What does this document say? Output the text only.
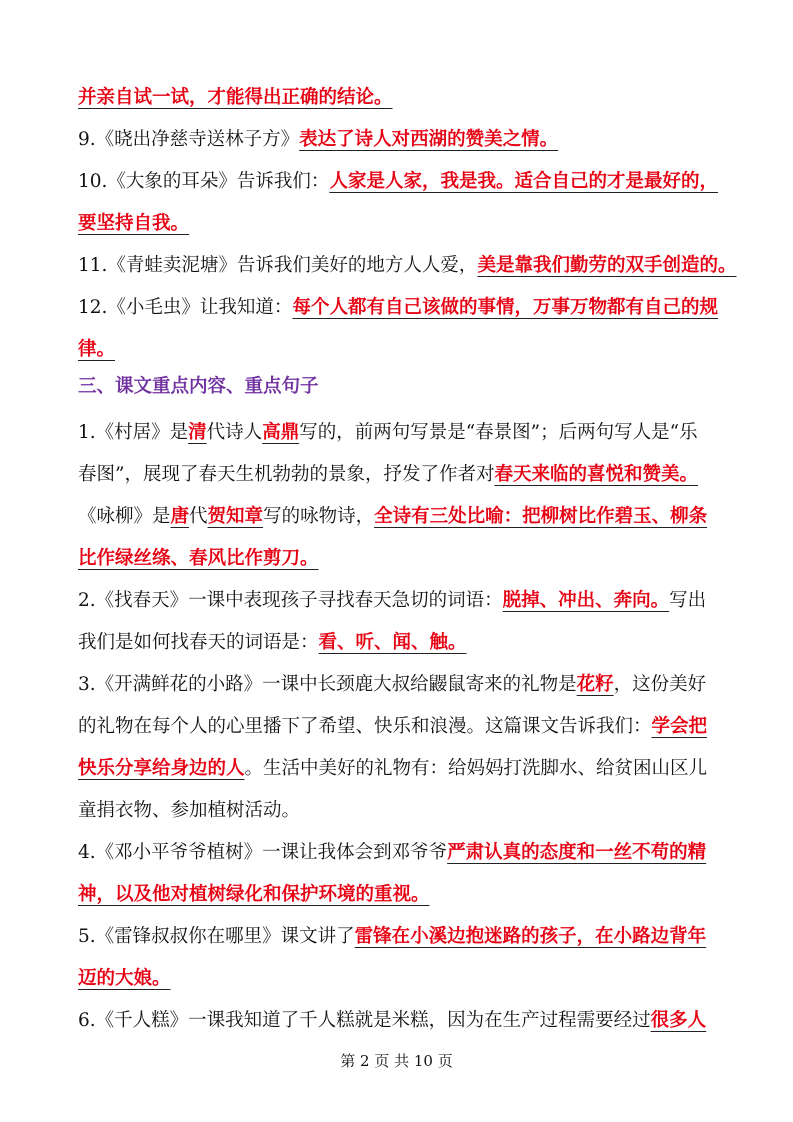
并亲自试一试，才能得出正确的结论。
9.《晓出净慈寺送林子方》表达了诗人对西湖的赞美之情。
10.《大象的耳朵》告诉我们：人家是人家，我是我。适合自己的才是最好的，
要坚持自我。
11.《青蛙卖泥塘》告诉我们美好的地方人人爱，美是靠我们勤劳的双手创造的。
12.《小毛虫》让我知道：每个人都有自己该做的事情，万事万物都有自己的规
律。
三、课文重点内容、重点句子
1.《村居》是清代诗人高鼎写的，前两句写景是“春景图”；后两句写人是“乐
春图”，展现了春天生机勃勃的景象，抒发了作者对春天来临的喜悦和赞美。
《咏柳》是唐代贺知章写的咏物诗，全诗有三处比喻：把柳树比作碧玉、柳条
比作绿丝绦、春风比作剪刀。
2.《找春天》一课中表现孩子寻找春天急切的词语：脱掉、冲出、奔向。写出
我们是如何找春天的词语是：看、听、闻、触。
3.《开满鲜花的小路》一课中长颈鹿大叔给鼹鼠寄来的礼物是花籽，这份美好
的礼物在每个人的心里播下了希望、快乐和浪漫。这篇课文告诉我们：学会把
快乐分享给身边的人。生活中美好的礼物有：给妈妈打洗脚水、给贫困山区儿
童捐衣物、参加植树活动。
4.《邓小平爷爷植树》一课让我体会到邓爷爷严肃认真的态度和一丝不苟的精
神，以及他对植树绿化和保护环境的重视。
5.《雷锋叔叔你在哪里》课文讲了雷锋在小溪边抱迷路的孩子，在小路边背年
迈的大娘。
6.《千人糕》一课我知道了千人糕就是米糕，因为在生产过程需要经过很多人
第 2 页 共 10 页
